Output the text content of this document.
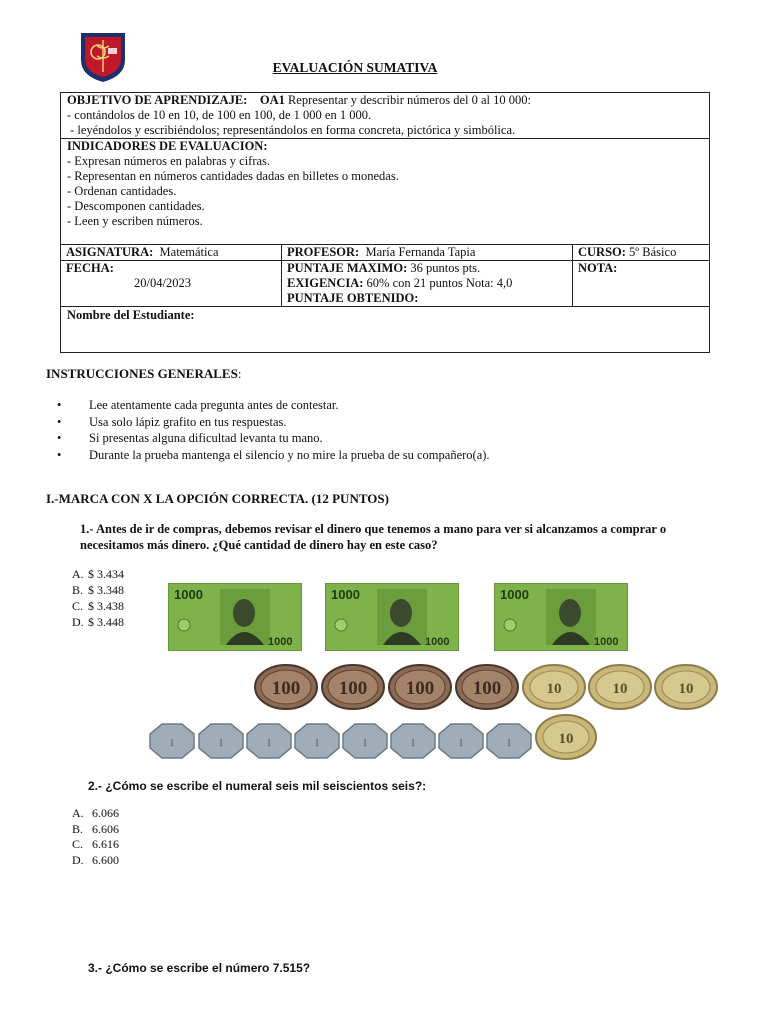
EVALUACIÓN SUMATIVA
OBJETIVO DE APRENDIZAJE: OA1 Representar y describir números del 0 al 10 000:
- contándolos de 10 en 10, de 100 en 100, de 1 000 en 1 000.
- leyéndolos y escribiéndolos; representándolos en forma concreta, pictórica y simbólica.
INDICADORES DE EVALUACION:
- Expresan números en palabras y cifras.
- Representan en números cantidades dadas en billetes o monedas.
- Ordenan cantidades.
- Descomponen cantidades.
- Leen y escriben números.
ASIGNATURA: Matemática	PROFESOR: María Fernanda Tapia	CURSO: 5º Básico
FECHA:
20/04/2023
PUNTAJE MAXIMO: 36 puntos pts.
EXIGENCIA: 60% con 21 puntos Nota: 4,0
PUNTAJE OBTENIDO:
NOTA:
Nombre del Estudiante:
INSTRUCCIONES GENERALES:
• Lee atentamente cada pregunta antes de contestar.
• Usa solo lápiz grafito en tus respuestas.
• Si presentas alguna dificultad levanta tu mano.
• Durante la prueba mantenga el silencio y no mire la prueba de su compañero(a).
I.-MARCA CON X LA OPCIÓN CORRECTA. (12 PUNTOS)
1.- Antes de ir de compras, debemos revisar el dinero que tenemos a mano para ver si alcanzamos a comprar o necesitamos más dinero. ¿Qué cantidad de dinero hay en este caso?
A. $ 3.434
B. $ 3.348
C. $ 3.438
D. $ 3.448
1000
1000
1000
1000
1000
1000
100 100 100 100	10	10	10
1	1	1	1	1	1	1	1	10
2.- ¿Cómo se escribe el numeral seis mil seiscientos seis?:
A. 6.066
B. 6.606
C. 6.616
D. 6.600
3.- ¿Cómo se escribe el número 7.515?
